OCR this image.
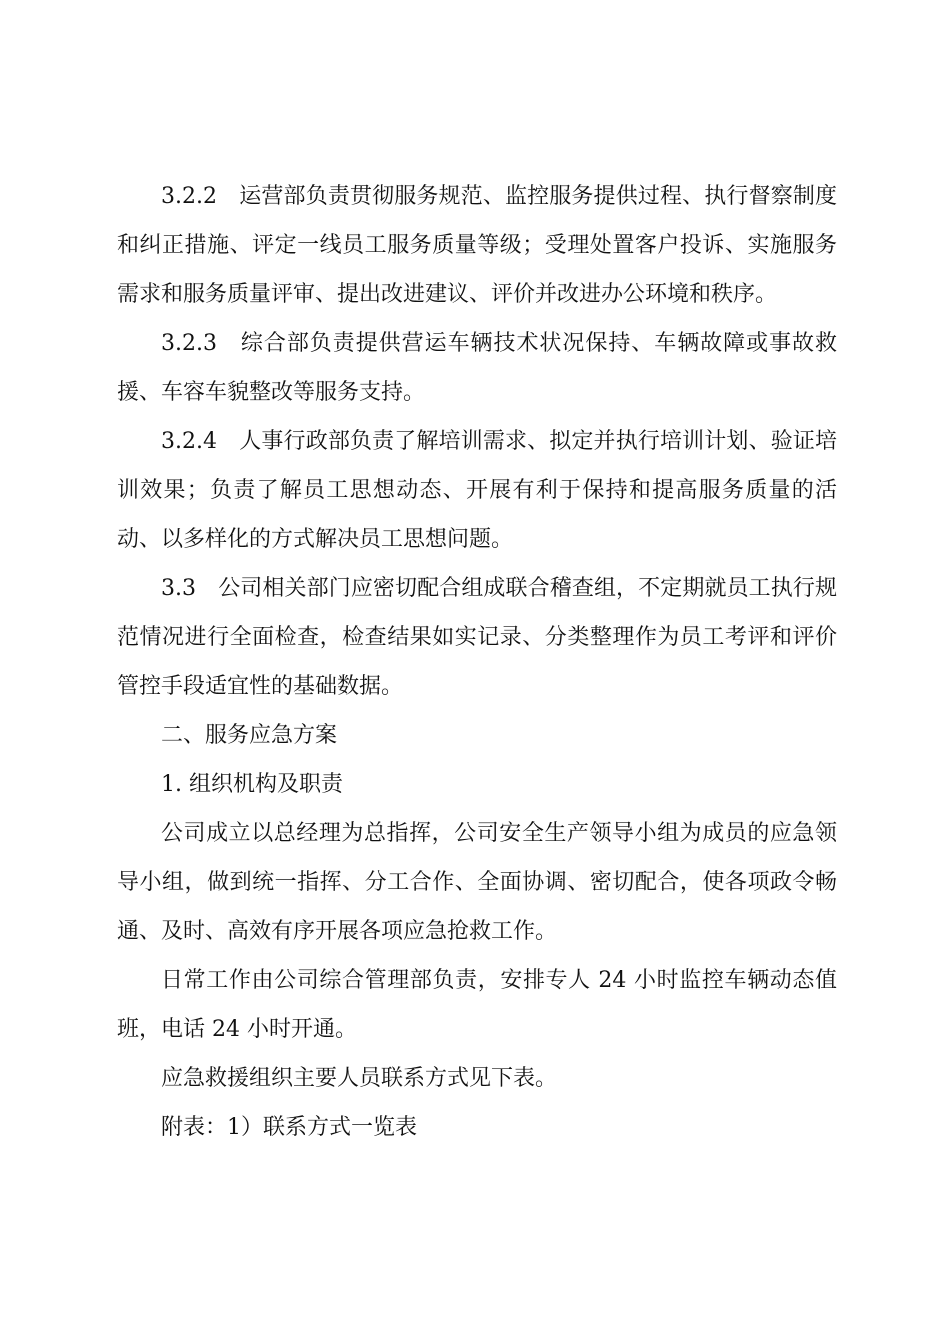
3.2.2　运营部负责贯彻服务规范、监控服务提供过程、执行督察制度和纠正措施、评定一线员工服务质量等级；受理处置客户投诉、实施服务需求和服务质量评审、提出改进建议、评价并改进办公环境和秩序。

3.2.3　综合部负责提供营运车辆技术状况保持、车辆故障或事故救援、车容车貌整改等服务支持。

3.2.4　人事行政部负责了解培训需求、拟定并执行培训计划、验证培训效果；负责了解员工思想动态、开展有利于保持和提高服务质量的活动、以多样化的方式解决员工思想问题。

3.3　公司相关部门应密切配合组成联合稽查组，不定期就员工执行规范情况进行全面检查，检查结果如实记录、分类整理作为员工考评和评价管控手段适宜性的基础数据。

二、服务应急方案

1. 组织机构及职责

公司成立以总经理为总指挥，公司安全生产领导小组为成员的应急领导小组，做到统一指挥、分工合作、全面协调、密切配合，使各项政令畅通、及时、高效有序开展各项应急抢救工作。

日常工作由公司综合管理部负责，安排专人 24 小时监控车辆动态值班，电话 24 小时开通。

应急救援组织主要人员联系方式见下表。

附表：1）联系方式一览表
